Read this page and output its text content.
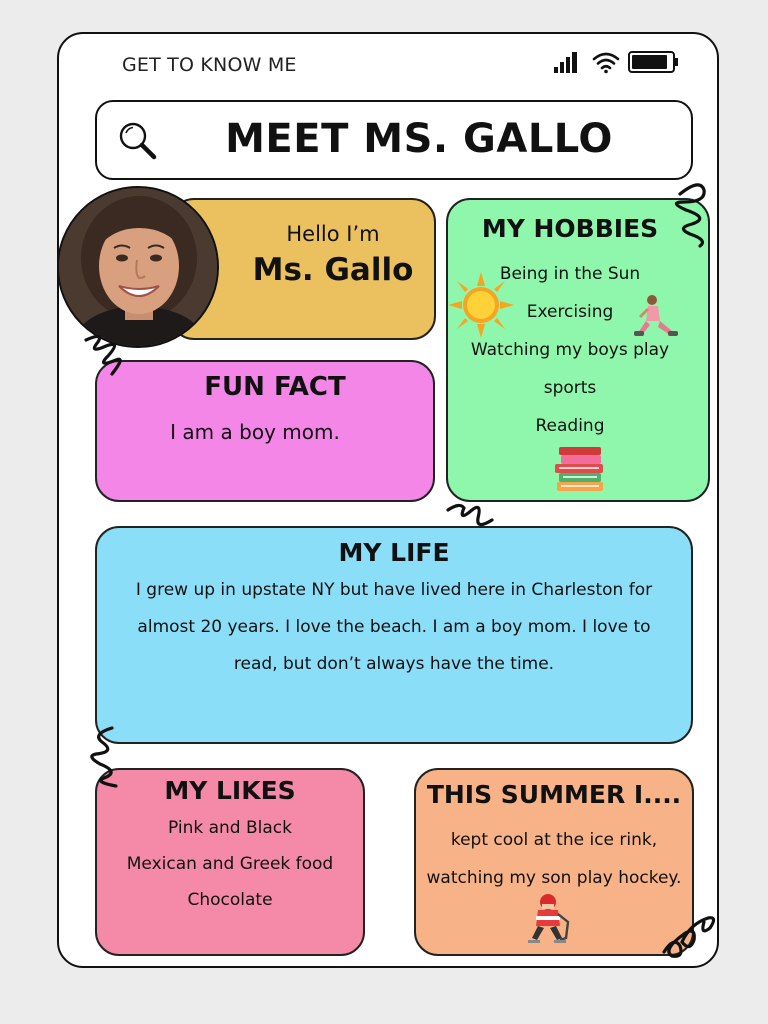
GET TO KNOW ME
MEET MS. GALLO
Hello I’m
Ms. Gallo
FUN FACT
I am a boy mom.
MY HOBBIES
Being in the Sun
Exercising
Watching my boys play
sports
Reading
MY LIFE
I grew up in upstate NY but have lived here in Charleston for
almost 20 years. I love the beach. I am a boy mom. I love to
read, but don’t always have the time.
MY LIKES
Pink and Black
Mexican and Greek food
Chocolate
THIS SUMMER I....
kept cool at the ice rink,
watching my son play hockey.
